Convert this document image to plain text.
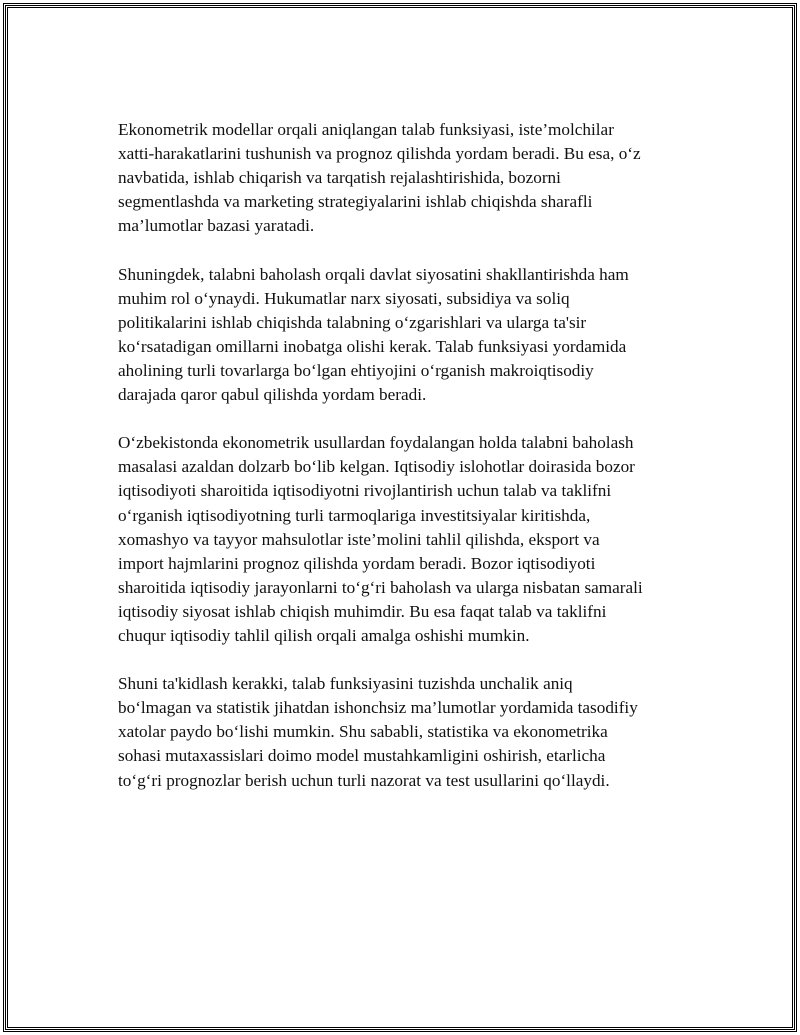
Ekonometrik modellar orqali aniqlangan talab funksiyasi, iste’molchilar
xatti-harakatlarini tushunish va prognoz qilishda yordam beradi. Bu esa, o‘z
navbatida, ishlab chiqarish va tarqatish rejalashtirishida, bozorni
segmentlashda va marketing strategiyalarini ishlab chiqishda sharafli
ma’lumotlar bazasi yaratadi.

Shuningdek, talabni baholash orqali davlat siyosatini shakllantirishda ham
muhim rol o‘ynaydi. Hukumatlar narx siyosati, subsidiya va soliq
politikalarini ishlab chiqishda talabning o‘zgarishlari va ularga ta'sir
ko‘rsatadigan omillarni inobatga olishi kerak. Talab funksiyasi yordamida
aholining turli tovarlarga bo‘lgan ehtiyojini o‘rganish makroiqtisodiy
darajada qaror qabul qilishda yordam beradi.

O‘zbekistonda ekonometrik usullardan foydalangan holda talabni baholash
masalasi azaldan dolzarb bo‘lib kelgan. Iqtisodiy islohotlar doirasida bozor
iqtisodiyoti sharoitida iqtisodiyotni rivojlantirish uchun talab va taklifni
o‘rganish iqtisodiyotning turli tarmoqlariga investitsiyalar kiritishda,
xomashyo va tayyor mahsulotlar iste’molini tahlil qilishda, eksport va
import hajmlarini prognoz qilishda yordam beradi. Bozor iqtisodiyoti
sharoitida iqtisodiy jarayonlarni to‘g‘ri baholash va ularga nisbatan samarali
iqtisodiy siyosat ishlab chiqish muhimdir. Bu esa faqat talab va taklifni
chuqur iqtisodiy tahlil qilish orqali amalga oshishi mumkin.

Shuni ta'kidlash kerakki, talab funksiyasini tuzishda unchalik aniq
bo‘lmagan va statistik jihatdan ishonchsiz ma’lumotlar yordamida tasodifiy
xatolar paydo bo‘lishi mumkin. Shu sababli, statistika va ekonometrika
sohasi mutaxassislari doimo model mustahkamligini oshirish, etarlicha
to‘g‘ri prognozlar berish uchun turli nazorat va test usullarini qo‘llaydi.
